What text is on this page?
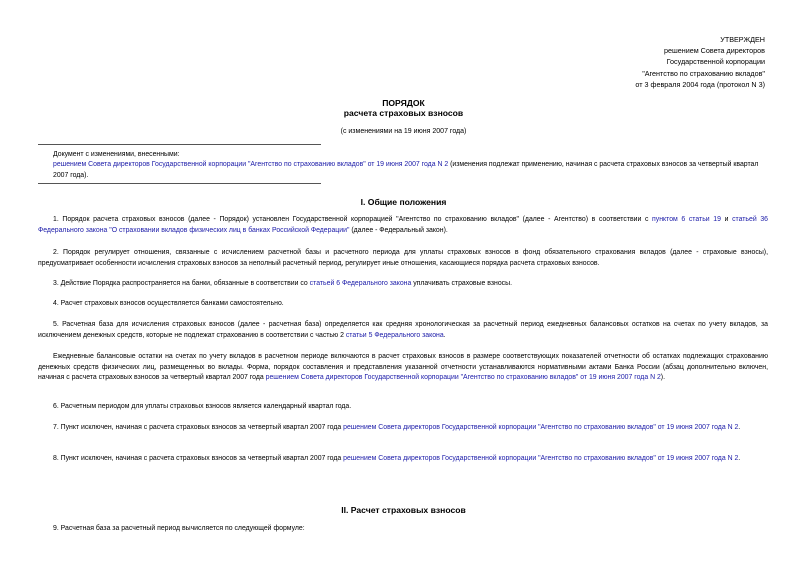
УТВЕРЖДЕН
решением Совета директоров
Государственной корпорации
"Агентство по страхованию вкладов"
от 3 февраля 2004 года (протокол N 3)
ПОРЯДОК
расчета страховых взносов
(с изменениями на 19 июня 2007 года)
Документ с изменениями, внесенными:
решением Совета директоров Государственной корпорации "Агентство по страхованию вкладов" от 19 июня 2007 года N 2 (изменения подлежат применению, начиная с расчета страховых взносов за четвертый квартал 2007 года).
I. Общие положения
1. Порядок расчета страховых взносов (далее - Порядок) установлен Государственной корпорацией "Агентство по страхованию вкладов" (далее - Агентство) в соответствии с пунктом 6 статьи 19 и статьей 36 Федерального закона "О страховании вкладов физических лиц в банках Российской Федерации" (далее - Федеральный закон).
2. Порядок регулирует отношения, связанные с исчислением расчетной базы и расчетного периода для уплаты страховых взносов в фонд обязательного страхования вкладов (далее - страховые взносы), предусматривает особенности исчисления страховых взносов за неполный расчетный период, регулирует иные отношения, касающиеся порядка расчета страховых взносов.
3. Действие Порядка распространяется на банки, обязанные в соответствии со статьей 6 Федерального закона уплачивать страховые взносы.
4. Расчет страховых взносов осуществляется банками самостоятельно.
5. Расчетная база для исчисления страховых взносов (далее - расчетная база) определяется как средняя хронологическая за расчетный период ежедневных балансовых остатков на счетах по учету вкладов, за исключением денежных средств, которые не подлежат страхованию в соответствии с частью 2 статьи 5 Федерального закона.
Ежедневные балансовые остатки на счетах по учету вкладов в расчетном периоде включаются в расчет страховых взносов в размере соответствующих показателей отчетности об остатках подлежащих страхованию денежных средств физических лиц, размещенных во вклады. Форма, порядок составления и представления указанной отчетности устанавливаются нормативными актами Банка России (абзац дополнительно включен, начиная с расчета страховых взносов за четвертый квартал 2007 года решением Совета директоров Государственной корпорации "Агентство по страхованию вкладов" от 19 июня 2007 года N 2).
6. Расчетным периодом для уплаты страховых взносов является календарный квартал года.
7. Пункт исключен, начиная с расчета страховых взносов за четвертый квартал 2007 года решением Совета директоров Государственной корпорации "Агентство по страхованию вкладов" от 19 июня 2007 года N 2.
8. Пункт исключен, начиная с расчета страховых взносов за четвертый квартал 2007 года решением Совета директоров Государственной корпорации "Агентство по страхованию вкладов" от 19 июня 2007 года N 2.
II. Расчет страховых взносов
9. Расчетная база за расчетный период вычисляется по следующей формуле:
